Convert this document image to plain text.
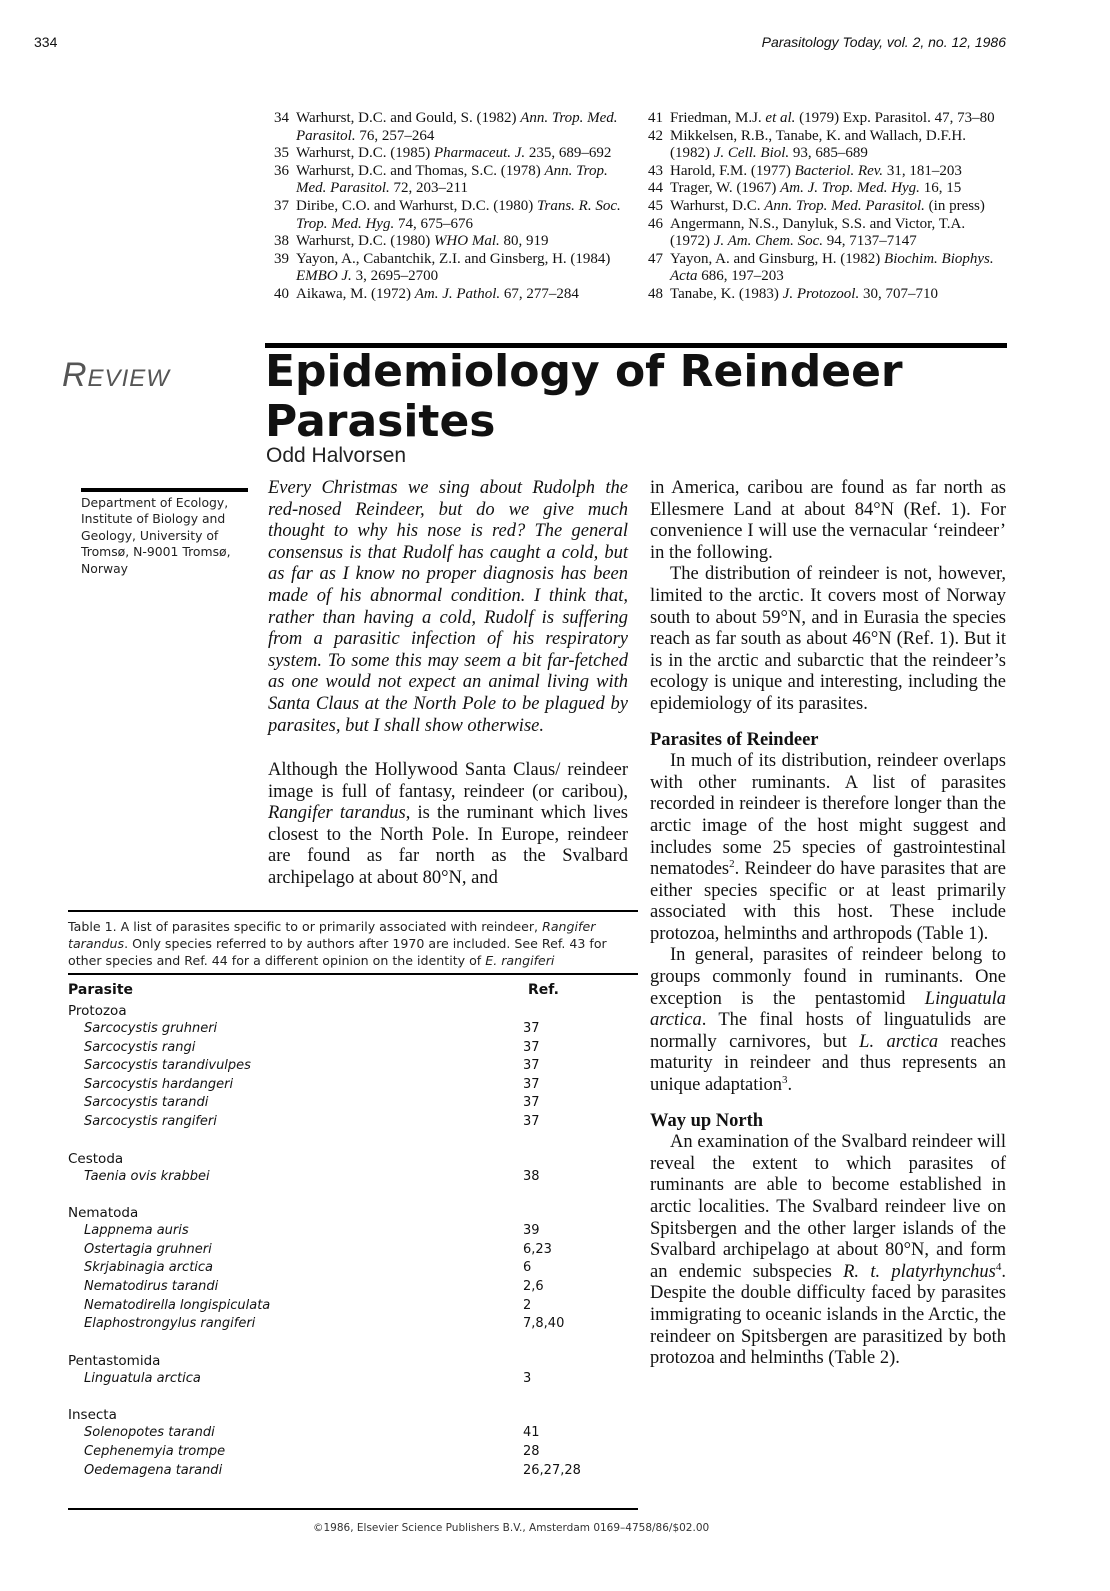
334	Parasitology Today, vol. 2, no. 12, 1986
34 Warhurst, D.C. and Gould, S. (1982) Ann. Trop. Med. Parasitol. 76, 257–264
35 Warhurst, D.C. (1985) Pharmaceut. J. 235, 689–692
36 Warhurst, D.C. and Thomas, S.C. (1978) Ann. Trop. Med. Parasitol. 72, 203–211
37 Diribe, C.O. and Warhurst, D.C. (1980) Trans. R. Soc. Trop. Med. Hyg. 74, 675–676
38 Warhurst, D.C. (1980) WHO Mal. 80, 919
39 Yayon, A., Cabantchik, Z.I. and Ginsberg, H. (1984) EMBO J. 3, 2695–2700
40 Aikawa, M. (1972) Am. J. Pathol. 67, 277–284
41 Friedman, M.J. et al. (1979) Exp. Parasitol. 47, 73–80
42 Mikkelsen, R.B., Tanabe, K. and Wallach, D.F.H. (1982) J. Cell. Biol. 93, 685–689
43 Harold, F.M. (1977) Bacteriol. Rev. 31, 181–203
44 Trager, W. (1967) Am. J. Trop. Med. Hyg. 16, 15
45 Warhurst, D.C. Ann. Trop. Med. Parasitol. (in press)
46 Angermann, N.S., Danyluk, S.S. and Victor, T.A. (1972) J. Am. Chem. Soc. 94, 7137–7147
47 Yayon, A. and Ginsburg, H. (1982) Biochim. Biophys. Acta 686, 197–203
48 Tanabe, K. (1983) J. Protozool. 30, 707–710
Review Epidemiology of Reindeer Parasites
Odd Halvorsen
Department of Ecology, Institute of Biology and Geology, University of Tromsø, N-9001 Tromsø, Norway
Every Christmas we sing about Rudolph the red-nosed Reindeer, but do we give much thought to why his nose is red? The general consensus is that Rudolf has caught a cold, but as far as I know no proper diagnosis has been made of his abnormal condition. I think that, rather than having a cold, Rudolf is suffering from a parasitic infection of his respiratory system. To some this may seem a bit far-fetched as one would not expect an animal living with Santa Claus at the North Pole to be plagued by parasites, but I shall show otherwise.

Although the Hollywood Santa Claus/ reindeer image is full of fantasy, reindeer (or caribou), Rangifer tarandus, is the ruminant which lives closest to the North Pole. In Europe, reindeer are found as far north as the Svalbard archipelago at about 80°N, and

in America, caribou are found as far north as Ellesmere Land at about 84°N (Ref. 1). For convenience I will use the vernacular ‘reindeer’ in the following.

The distribution of reindeer is not, however, limited to the arctic. It covers most of Norway south to about 59°N, and in Eurasia the species reach as far south as about 46°N (Ref. 1). But it is in the arctic and subarctic that the reindeer’s ecology is unique and interesting, including the epidemiology of its parasites.

Parasites of Reindeer

In much of its distribution, reindeer overlaps with other ruminants. A list of parasites recorded in reindeer is therefore longer than the arctic image of the host might suggest and includes some 25 species of gastrointestinal nematodes$^2$. Reindeer do have parasites that are either species specific or at least primarily associated with this host. These include protozoa, helminths and arthropods (Table 1).

In general, parasites of reindeer belong to groups commonly found in ruminants. One exception is the pentastomid Linguatula arctica. The final hosts of linguatulids are normally carnivores, but L. arctica reaches maturity in reindeer and thus represents an unique adaptation$^3$.

Way up North

An examination of the Svalbard reindeer will reveal the extent to which parasites of ruminants are able to become established in arctic localities. The Svalbard reindeer live on Spitsbergen and the other larger islands of the Svalbard archipelago at about 80°N, and form an endemic subspecies R. t. platyrhynchus$^4$. Despite the double difficulty faced by parasites immigrating to oceanic islands in the Arctic, the reindeer on Spitsbergen are parasitized by both protozoa and helminths (Table 2).

Table 1. A list of parasites specific to or primarily associated with reindeer, Rangifer tarandus. Only species referred to by authors after 1970 are included. See Ref. 43 for other species and Ref. 44 for a different opinion on the identity of E. rangiferi
Parasite	Ref.
Protozoa
Sarcocystis gruhneri	37
Sarcocystis rangi	37
Sarcocystis tarandivulpes	37
Sarcocystis hardangeri	37
Sarcocystis tarandi	37
Sarcocystis rangiferi	37
Cestoda
Taenia ovis krabbei	38
Nematoda
Lappnema auris	39
Ostertagia gruhneri	6,23
Skrjabinagia arctica	6
Nematodirus tarandi	2,6
Nematodirella longispiculata	2
Elaphostrongylus rangiferi	7,8,40
Pentastomida
Linguatula arctica	3
Insecta
Solenopotes tarandi	41
Cephenemyia trompe	28
Oedemagena tarandi	26,27,28
©1986, Elsevier Science Publishers B.V., Amsterdam 0169–4758/86/$02.00
